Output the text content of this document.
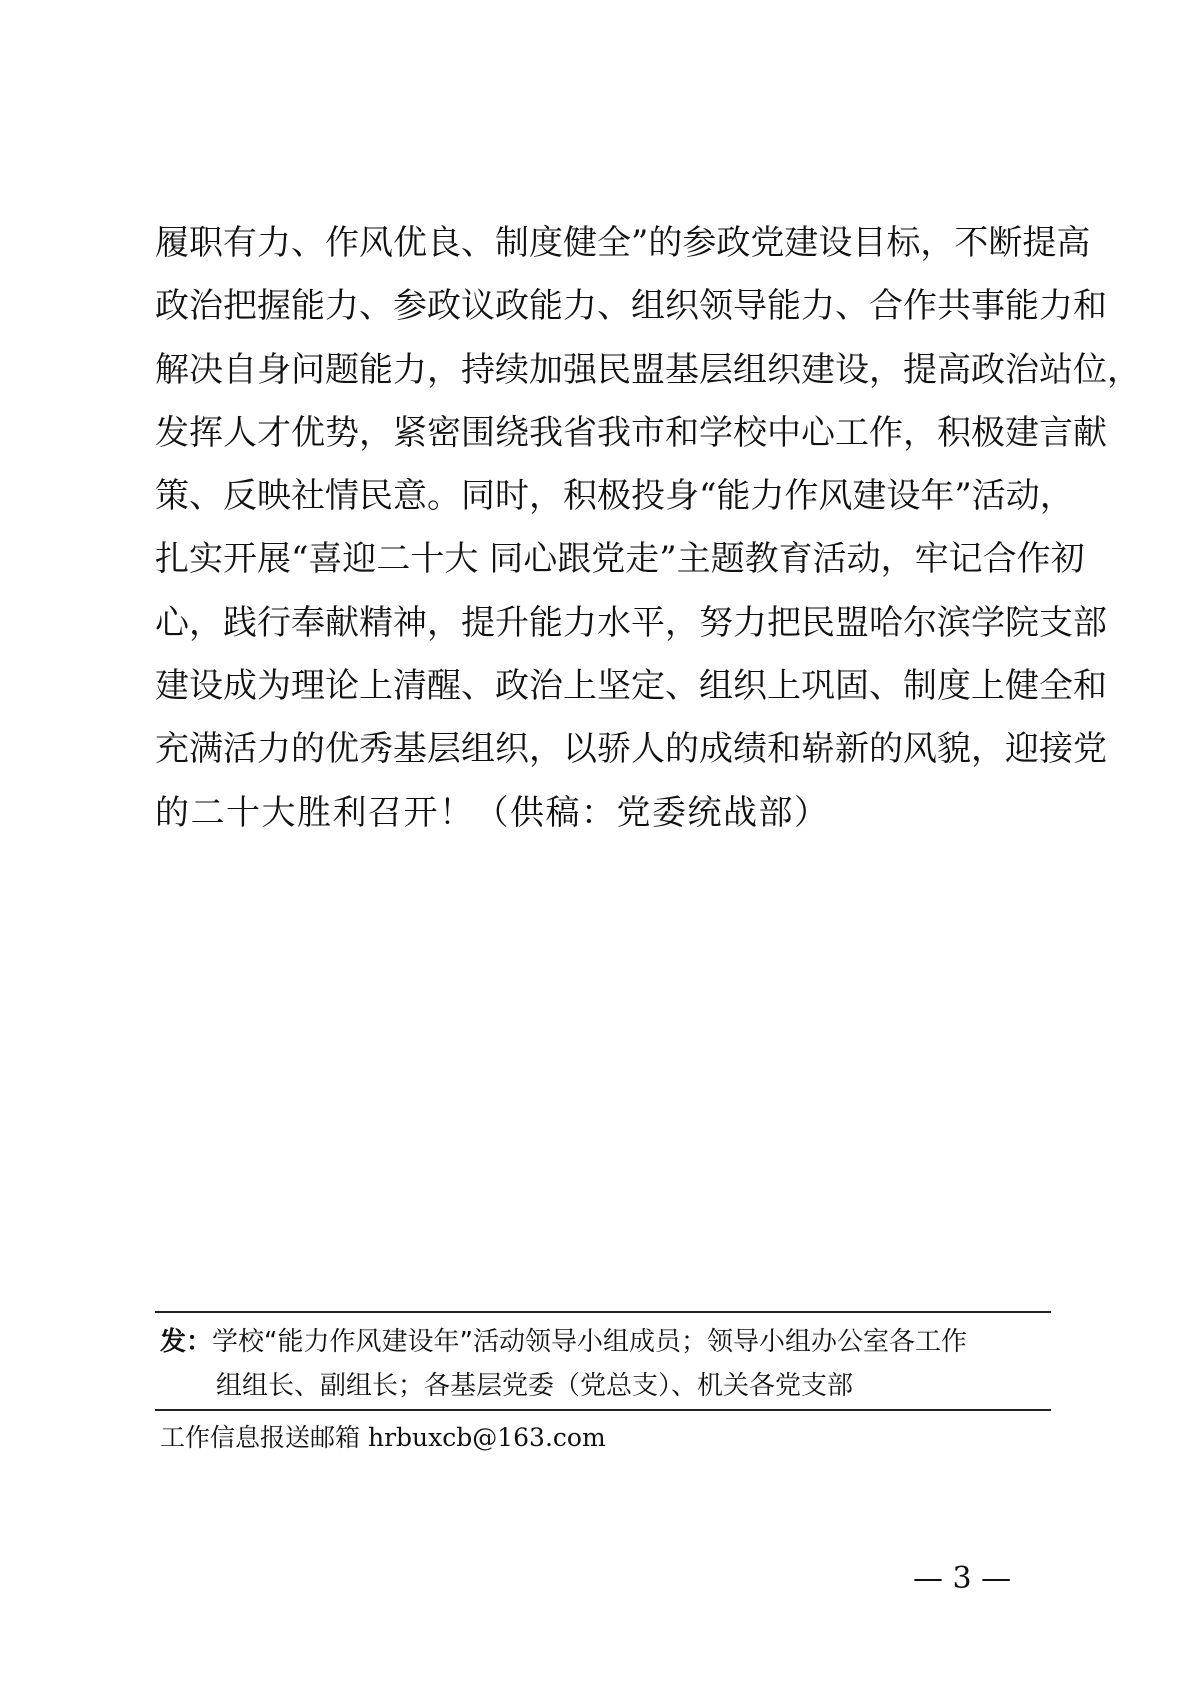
履职有力、作风优良、制度健全”的参政党建设目标，不断提高
政治把握能力、参政议政能力、组织领导能力、合作共事能力和
解决自身问题能力，持续加强民盟基层组织建设，提高政治站位，
发挥人才优势，紧密围绕我省我市和学校中心工作，积极建言献
策、反映社情民意。同时，积极投身“能力作风建设年”活动，
扎实开展“喜迎二十大 同心跟党走”主题教育活动，牢记合作初
心，践行奉献精神，提升能力水平，努力把民盟哈尔滨学院支部
建设成为理论上清醒、政治上坚定、组织上巩固、制度上健全和
充满活力的优秀基层组织，以骄人的成绩和崭新的风貌，迎接党
的二十大胜利召开！（供稿：党委统战部）
发：学校“能力作风建设年”活动领导小组成员；领导小组办公室各工作
组组长、副组长；各基层党委（党总支）、机关各党支部
工作信息报送邮箱 hrbuxcb@163.com
— 3 —
